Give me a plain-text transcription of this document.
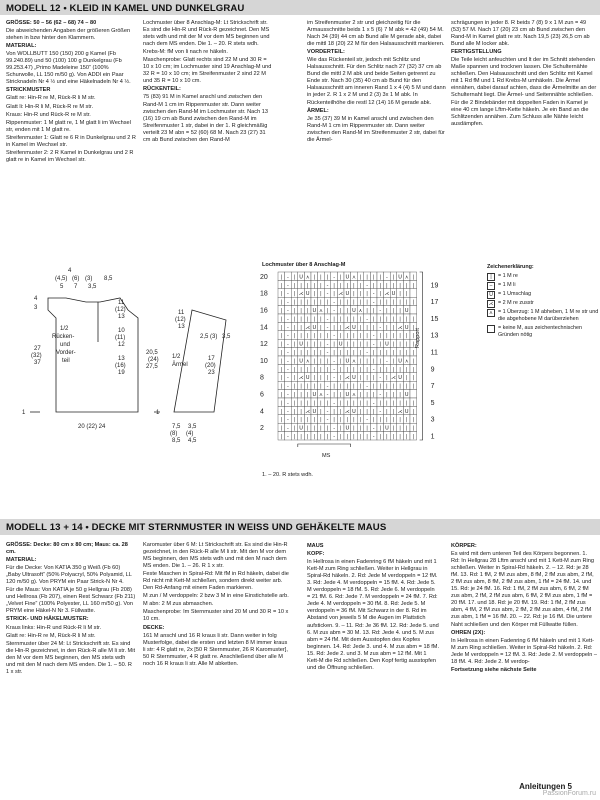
MODELL 12 • KLEID IN KAMEL UND DUNKELGRAU

GRÖSSE: 50 – 56 (62 – 68) 74 – 80

Die abweichenden Angaben der größeren Größen stehen in bzw hinter den Klammern.

MATERIAL:

Von WOLLBUTT 150 (150) 200 g Kamel (Fb 99.240.89) und 50 (100) 100 g Dunkelgrau (Fb 99.253.47) „Primo Madeleine 150“ (100% Schurwolle, LL 150 m/50 g). Von ADDI ein Paar Stricknadeln Nr 4 ½ und eine Häkelnadeln Nr 4 ½.

STRICKMUSTER

Glatt re: Hin-R re M, Rück-R li M str.

Glatt li: Hin-R li M, Rück-R re M str.

Kraus: Hin-R und Rück-R re M str.

Rippenmuster: 1 M glatt re, 1 M glatt li im Wechsel str, enden mit 1 M glatt re.

Streifenmuster 1: Glatt re 6 R in Dunkelgrau und 2 R in Kamel im Wechsel str.

Streifenmuster 2: 2 R Kamel in Dunkelgrau und 2 R glatt re in Kamel im Wechsel str.

Lochmuster über 8 Anschlag-M: Lt Strickschrift str. Es sind die Hin-R und Rück-R gezeichnet. Den MS stets wdh und mit der M vor dem MS beginnen und nach dem MS enden. Die 1. – 20. R stets wdh.

Krebs-M: fM von li nach re häkeln.

Maschenprobe: Glatt rechts sind 22 M und 30 R = 10 x 10 cm; im Lochmuster sind 19 Anschlag-M und 32 R = 10 x 10 cm; im Streifenmuster 2 sind 22 M und 35 R = 10 x 10 cm.

RÜCKENTEIL:

75 (83) 91 M in Kamel anschl und zwischen den Rand-M 1 cm im Rippenmuster str. Dann weiter zwischen den Rand-M im Lochmuster str. Nach 13 (16) 19 cm ab Bund zwischen den Rand-M im Streifenmuster 1 str, dabei in der 1. R gleichmäßig verteilt 23 M abn = 52 (60) 68 M. Nach 23 (27) 31 cm ab Bund zwischen den Rand-M

im Streifenmuster 2 str und gleichzeitig für die Armausschnitte beids 1 x 5 (6) 7 M abk = 42 (49) 54 M. Nach 34 (39) 44 cm ab Bund alle M gerade abk, dabei die mittl 18 (20) 22 M für den Halsausschnitt markieren.

VORDERTEIL:

Wie das Rückenteil str, jedoch mit Schlitz und Halsausschnitt. Für den Schlitz nach 27 (32) 37 cm ab Bund die mittl 2 M abk und beide Seiten getrennt zu Ende str. Nach 30 (35) 40 cm ab Bund für den Halsausschnitt am inneren Rand 1 x 4 (4) 5 M und dann in jeder 2. R 1 x 2 M und 2 (3) 3x 1 M abk. In Rückenteilhöhe die restl 12 (14) 16 M gerade abk.

ÄRMEL:

Je 35 (37) 39 M in Kamel anschl und zwischen den Rand-M 1 cm im Rippenmuster str. Dann weiter zwischen den Rand-M im Streifenmuster 2 str, dabei für die Ärmel-

schrägungen in jeder 8. R beids 7 (8) 9 x 1 M zun = 49 (53) 57 M. Nach 17 (20) 23 cm ab Bund zwischen den Rand-M in Kamel glatt re str. Nach 19,5 (23) 26,5 cm ab Bund alle M locker abk.

FERTIGSTELLUNG

Die Teile leicht anfeuchten und lt der im Schnitt stehenden Maße spannen und trocknen lassen. Die Schulternähte schließen. Den Halsausschnitt und den Schlitz mit Kamel mit 1 Rd fM und 1 Rd Krebs-M umhäkeln. Die Ärmel einnähen, dabei darauf achten, dass die Ärmelmitte an der Schulternaht liegt. Die Ärmel- und Seitennähte schließen. Für die 2 Bindebänder mit doppelten Faden in Kamel je eine 40 cm lange Lftm-Kette häkeln. Je ein Band an die Schlitzenden annähen. Zum Schluss alle Nähte leicht ausdämpfen.

4
(4,5) (6) (3) 8,5
5 7 3,5
1/2
Rücken-
und
Vorder-
teil
4
3
27
(32)
37
11
(12)
13
10
(11)
12
13
(16)
19
20 (22) 24
1
11
(12)
13
2,5 (3) 3,5
1/2
Ärmel
20,5
(24)
27,5
17
(20)
23
7,5
(8)
8,5
3,5
(4)
4,5
1
Lochmuster über 8 Anschlag-M
| - | U ⋏ | | | - | U ⋏ | | | | - | U ⋏ |
| - | | | | | - | | | | | - | | | | | | |
| - | ⋌ U | | - | ⋌ U | | | - | ⋌ U | |
| - | | | | | | - | | | | | - | | | | | |
| - | | | U ⋏ | - | | U ⋏ | | - | | | U
| - | | | | | - | | | | | - | | | | | | |
| - | | ⋌ U | - | | ⋌ U | | | - | | ⋌ U |
| - | | | | | | - | | | | | - | | | | | |
| - | U | | | - | U | | | | - | U | | | |
| - | | | | | - | | | | | - | | | | | | |
| - | U ⋏ | | | - | U ⋏ | | | | - | U ⋏ |
| - | | | | | | - | | | | | - | | | | | |
| - | ⋌ U | | | - | ⋌ U | | | - | ⋌ U | |
| - | | | | | - | | | | | - | | | | | | |
| - | | | U ⋏ - | | U ⋏ | | | - | | | U
| - | | | | | | - | | | | | - | | | | | |
| - | | ⋌ U | - | | ⋌ U | | | - | | ⋌ U |
| - | | | | | - | | | | | - | | | | | | |
| - | U | | | | - | U | | | - | U | | | |
| - | | | | | | - | | | | | - | | | | | |
20
18
16
14
12
10
8
6
4
2
19
17
15
13
11
9
7
5
3
1
Rapport
MS
1. – 20. R stets wdh.
Zeichenerklärung:
|	= 1 M re
–	= 1 M li
U = 1 Umschlag
⋌ = 2 M re zusstr
⋏ = 1 Überzug: 1 M abheben, 1 M re str und die abgehobene M darüberziehen
= keine M, aus zeichentechnischen Gründen nötig
MODELL 13 + 14 • DECKE MIT STERNMUSTER IN WEISS UND GEHÄKELTE MAUS

GRÖSSE: Decke: 80 cm x 80 cm; Maus: ca. 28 cm.

MATERIAL:

Für die Decke: Von KATIA 350 g Weiß (Fb 60) „Baby Ultrasoft“ (50% Polyacryl, 50% Polyamid, LL 120 m/50 g). Von PRYM ein Paar Strick-N Nr 4.

Für die Maus: Von KATIA je 50 g Hellgrau (Fb 208) und Hellrosa (Fb 207), einen Rest Schwarz (Fb 211) „Velvet Fine“ (100% Polyester, LL 160 m/50 g). Von PRYM eine Häkel-N Nr 3. Füllwatte.

STRICK- UND HÄKELMUSTER:

Kraus links: Hin-R und Rück-R li M str.

Glatt re: Hin-R re M, Rück-R li M str.

Sternmuster über 24 M: Lt Strickschrift str. Es sind die Hin-R gezeichnet, in den Rück-R alle M li str. Mit den M vor dem MS beginnen, den MS stets wdh und mit den M nach dem MS enden. Die 1. – 50. R 1 x str.

Karomuster über 6 M: Lt Strickschrift str. Es sind die Hin-R gezeichnet, in den Rück-R alle M li str. Mit den M vor dem MS beginnen, den MS stets wdh und mit den M nach dem MS enden. Die 1. – 26. R 1 x str.

Feste Maschen in Spiral-Rd: Mit fM in Rd häkeln, dabei die Rd nicht mit Kett-M schließen, sondern direkt weiter arb. Den Rd-Anfang mit einem Faden markieren.

M zun / M verdoppeln: 2 bzw 3 M in eine Einstichstelle arb.

M abn: 2 M zus abmaschen.

Maschenprobe: Im Sternmuster sind 20 M und 30 R = 10 x 10 cm.

DECKE:

161 M anschl und 16 R kraus li str. Dann weiter in folg Musterfolge, dabei die ersten und letzten 8 M immer kraus li str: 4 R glatt re, 2x [50 R Sternmuster, 26 R Karomuster], 50 R Sternmuster, 4 R glatt re. Anschließend über alle M noch 16 R kraus li str. Alle M abketten.

MAUS

KOPF:

In Hellrosa in einen Fadenring 6 fM häkeln und mit 1 Kett-M zum Ring schließen. Weiter in Hellgrau in Spiral-Rd häkeln. 2. Rd: Jede M verdoppeln = 12 fM. 3. Rd: Jede 4. M verdoppeln = 15 fM. 4. Rd: Jede 5. M verdoppeln = 18 fM. 5. Rd: Jede 6. M verdoppeln = 21 fM. 6. Rd: Jede 7. M verdoppeln = 24 fM. 7. Rd: Jede 4. M verdoppeln = 30 fM. 8. Rd: Jede 5. M verdoppeln = 36 fM. Mit Schwarz in der 8. Rd im Abstand von jeweils 5 M die Augen im Plattstich aufsticken. 9. – 11. Rd: Je 36 fM. 12. Rd: Jede 5. und 6. M zus abm = 30 M. 13. Rd: Jede 4. und 5. M zus abm = 24 fM. Mit dem Ausstopfen des Kopfes beginnen. 14. Rd: Jede 3. und 4. M zus abm = 18 fM. 15. Rd: Jede 2. und 3. M zus abm = 12 fM. Mit 1 Kett-M die Rd schließen. Den Kopf fertig ausstopfen und die Öffnung schließen.

KÖRPER:

Es wird mit dem unteren Teil des Körpers begonnen. 1. Rd: In Hellgrau 28 Lftm anschl und mit 1 Kett-M zum Ring schließen. Weiter in Spiral-Rd häkeln. 2. – 12. Rd: je 28 fM. 13. Rd: 1 fM, 2 fM zus abm, 8 fM, 2 fM zus abm, 2 fM, 2 fM zus abm, 8 fM, 2 fM zus abm, 1 fM = 24 fM. 14. und 15. Rd: je 24 fM. 16. Rd: 1 fM, 2 fM zus abm, 6 fM, 2 fM zus abm, 2 fM, 2 fM zus abm, 6 fM, 2 fM zus abm, 1 fM = 20 fM. 17. und 18. Rd: je 20 fM. 19. Rd: 1 fM, 2 fM zus abm, 4 fM, 2 fM zus abm, 2 fM, 2 fM zus abm, 4 fM, 2 fM zus abm, 1 fM = 16 fM. 20. – 22. Rd: je 16 fM. Die untere Naht schließen und den Körper mit Füllwatte füllen.

OHREN (2X):

In Hellrosa in einen Fadenring 6 fM häkeln und mit 1 Kett-M zum Ring schließen. Weiter in Spiral-Rd häkeln. 2. Rd: Jede M verdoppeln = 12 fM. 3. Rd: Jede 2. M verdoppeln – 18 fM. 4. Rd: Jede 2. M verdop-

Fortsetzung siehe nächste Seite

Anleitungen 5
PassionForum.ru
